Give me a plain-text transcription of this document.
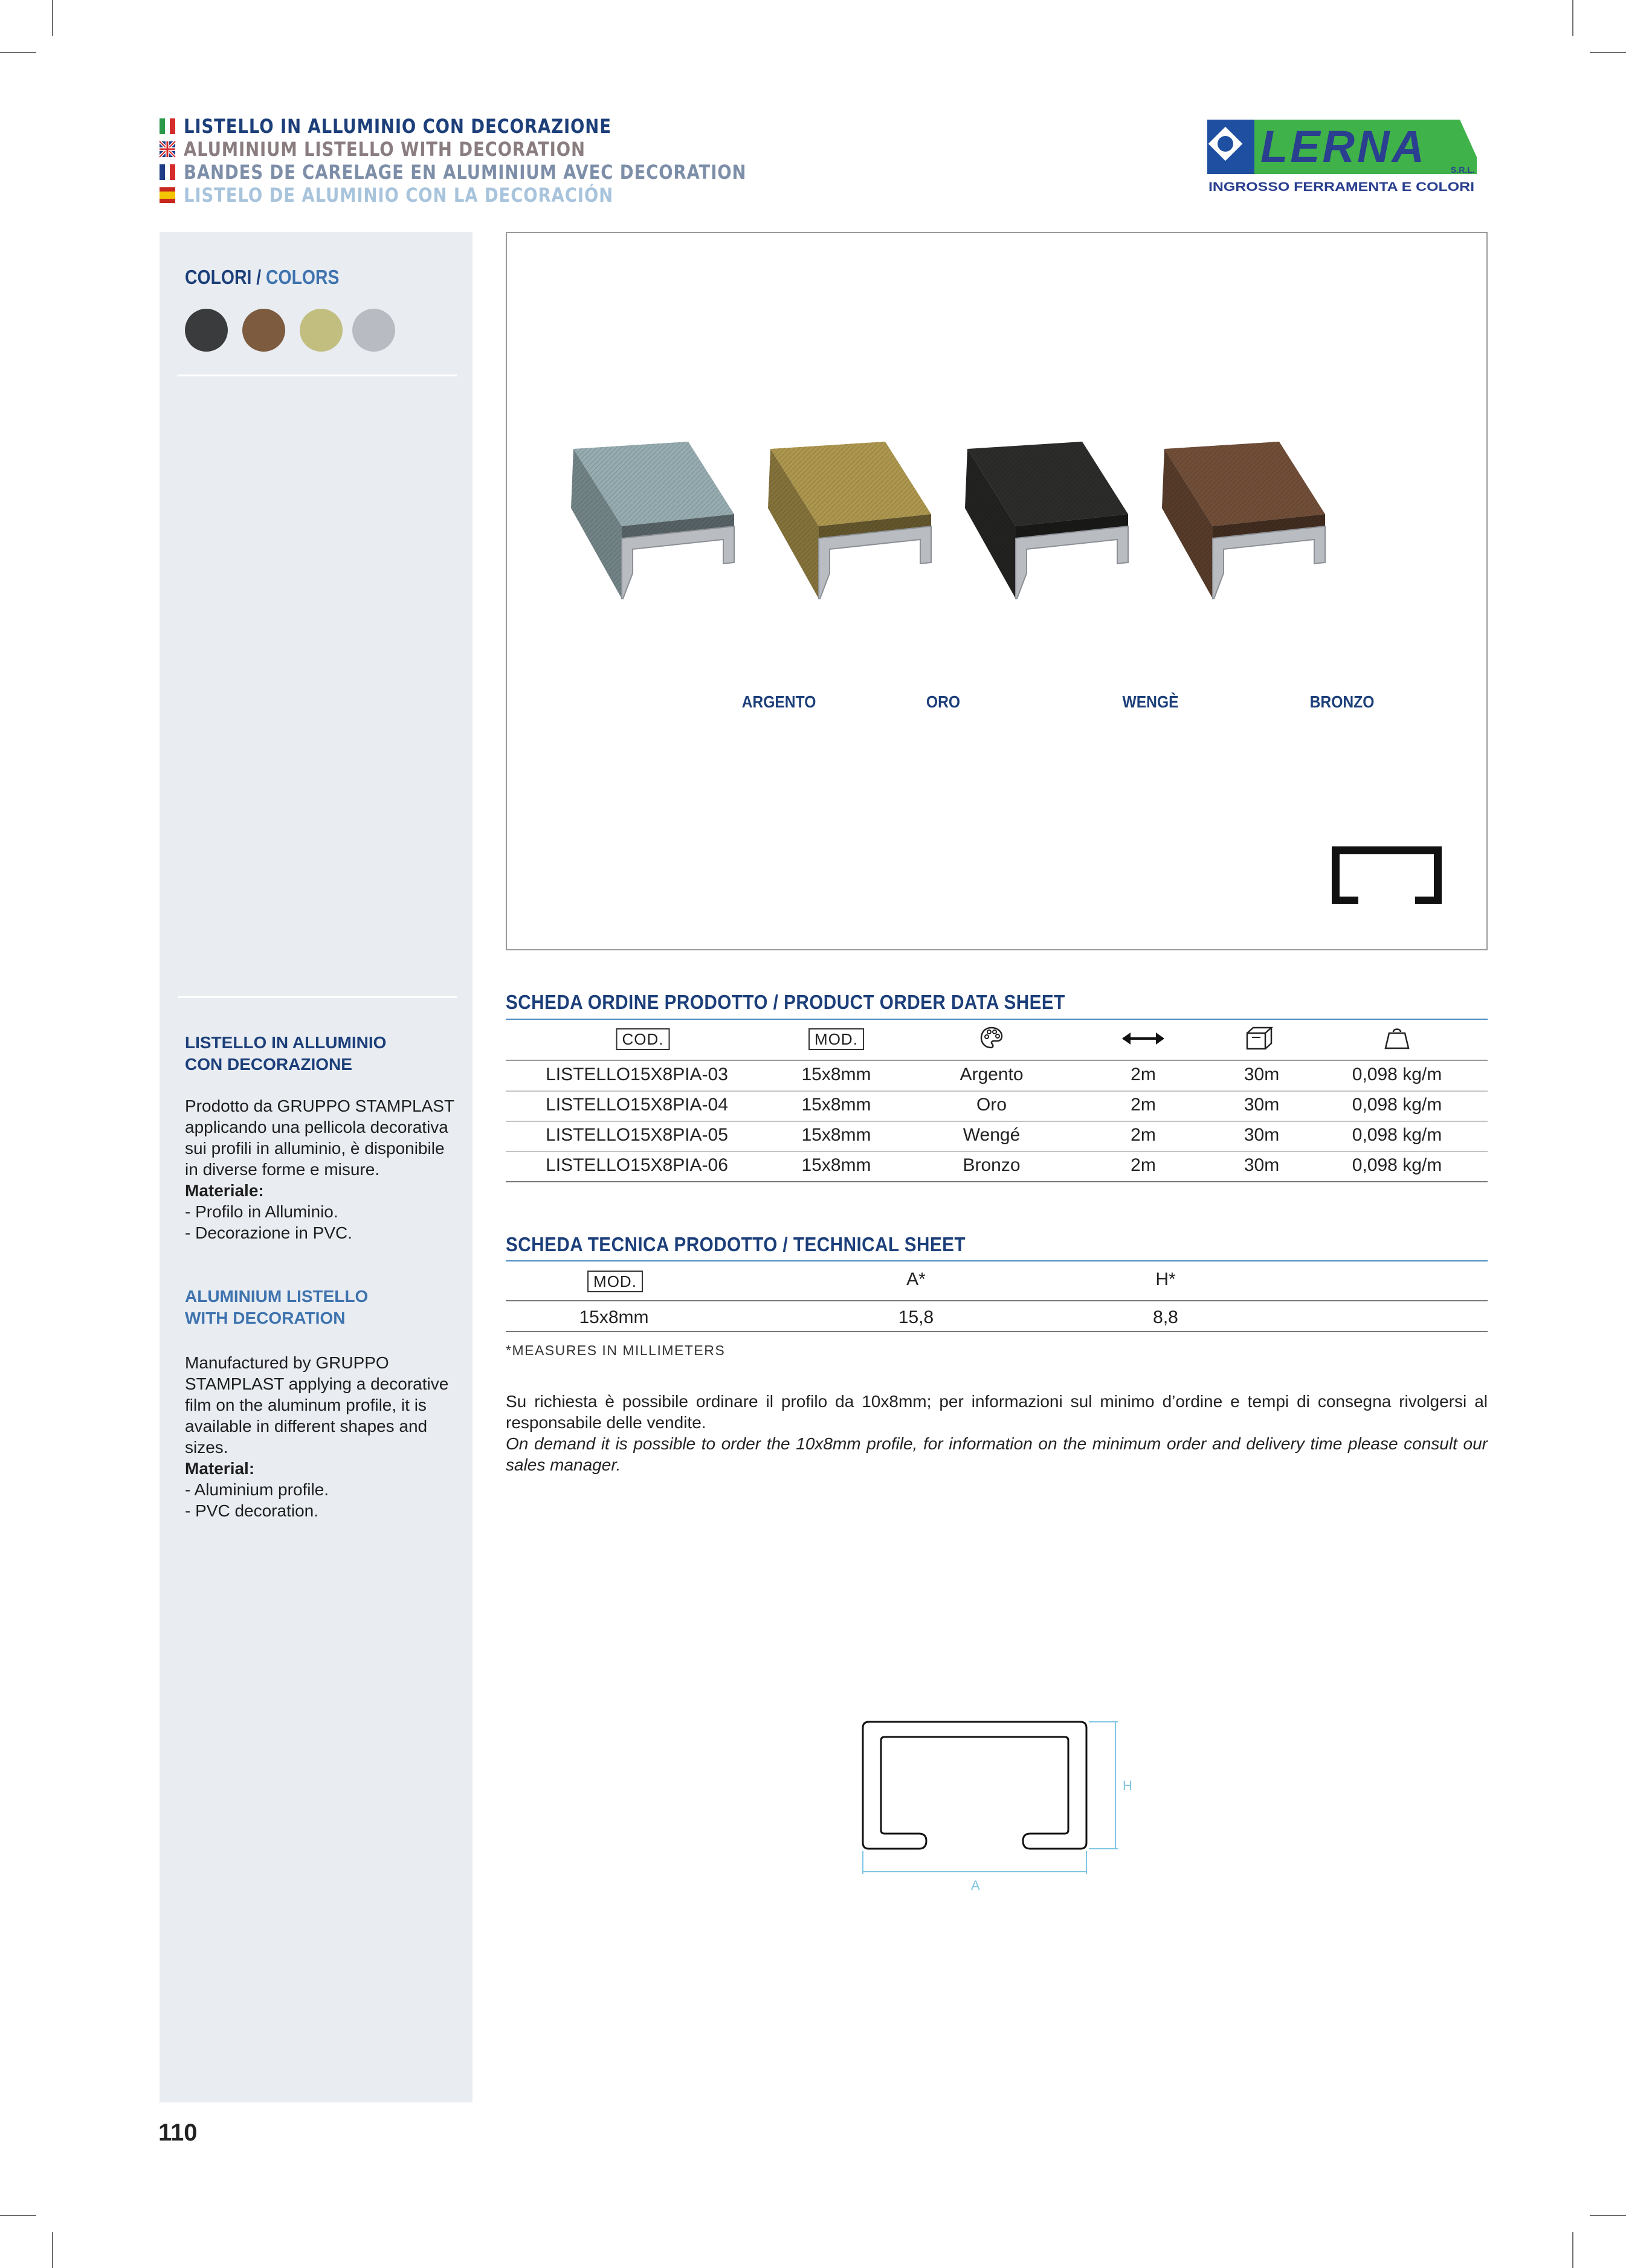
LISTELLO IN ALLUMINIO CON DECORAZIONE
ALUMINIUM LISTELLO WITH DECORATION
BANDES DE CARELAGE EN ALUMINIUM AVEC DECORATION
LISTELO DE ALUMINIO CON LA DECORACIÓN
LERNA	S.R.L.
INGROSSO FERRAMENTA E COLORI
COLORI / COLORS
LISTELLO IN ALLUMINIO
CON DECORAZIONE
Prodotto da GRUPPO STAMPLAST applicando una pellicola decorativa sui profili in alluminio, è disponibile in diverse forme e misure.
Materiale:
- Profilo in Alluminio.
- Decorazione in PVC.
ALUMINIUM LISTELLO
WITH DECORATION
Manufactured by GRUPPO STAMPLAST applying a decorative film on the aluminum profile, it is available in different shapes and sizes.
Material:
- Aluminium profile.
- PVC decoration.
ARGENTO	ORO	WENGÈ	BRONZO
SCHEDA ORDINE PRODOTTO / PRODUCT ORDER DATA SHEET
COD.	MOD.
LISTELLO15X8PIA-03	15x8mm	Argento	2m	30m	0,098 kg/m
LISTELLO15X8PIA-04	15x8mm	Oro	2m	30m	0,098 kg/m
LISTELLO15X8PIA-05	15x8mm	Wengé	2m	30m	0,098 kg/m
LISTELLO15X8PIA-06	15x8mm	Bronzo	2m	30m	0,098 kg/m
SCHEDA TECNICA PRODOTTO / TECHNICAL SHEET
MOD.	A*	H*
15x8mm	15,8	8,8
*MEASURES IN MILLIMETERS
Su richiesta è possibile ordinare il profilo da 10x8mm; per informazioni sul minimo d’ordine e tempi di consegna rivolgersi al responsabile delle vendite.
On demand it is possible to order the 10x8mm profile, for information on the minimum order and delivery time please consult our sales manager.
H
A
110
